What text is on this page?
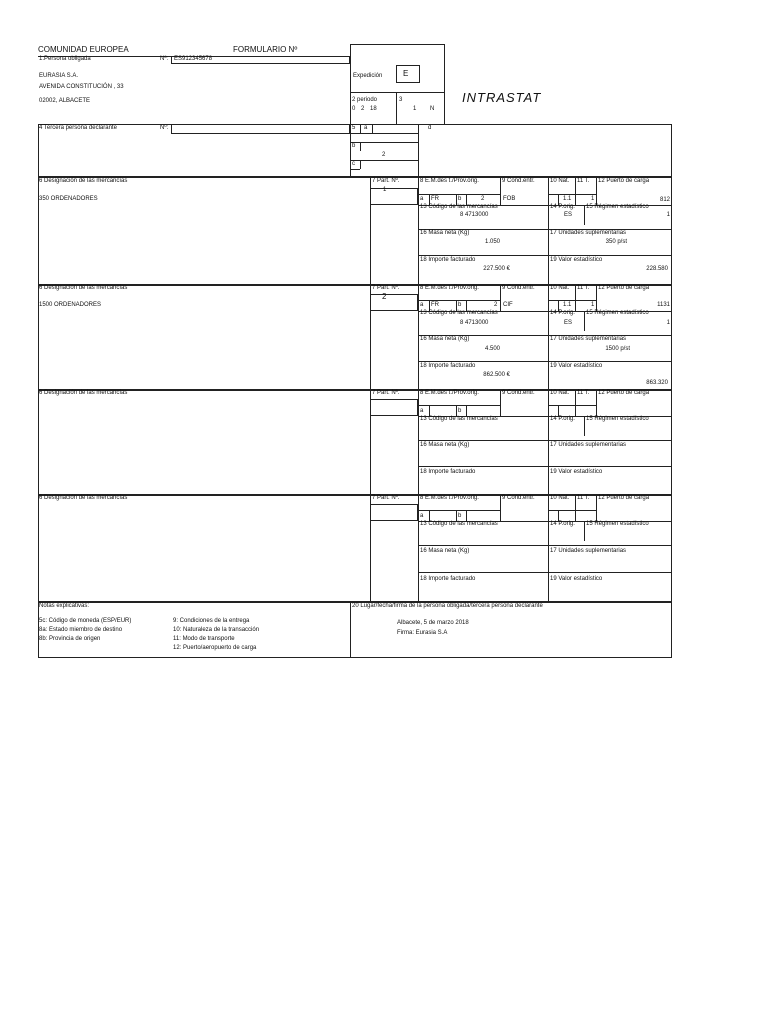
COMUNIDAD EUROPEA	FORMULARIO Nº
INTRASTAT
Expedición	E
2 periodo
0 2 18
3
1 N
1.Persona obligada	Nº: ES912345678
EURASIA S.A.
AVENIDA CONSTITUCIÓN , 33
02002, ALBACETE
4 Tercera persona declarante	Nº:	5 a	d
b
2
c
6 Designación de las mercancías
350 ORDENADORES
7 Part. Nº.
1
8 E.M.des t./Prov.orig.
a FR	b	2
9 Cond.entr.
FOB
10 Nat.
1.1
11 T.
1
12 Puerto de carga
812
13 Código de las mercancías
8 4713000
14 P.orig.
ES
15 Régimen estadístico
1
16 Masa neta (Kg)
1.050
17 Unidades suplementarias
350 p/st
18 Importe facturado
227.500 €
19 Valor estadístico
228.580
6 Designación de las mercancías
1500 ORDENADORES
7 Part. Nº.
2
8 E.M.des t./Prov.orig.
a FR	b	2
9 Cond.entr.
CIF
10 Nat.
1.1
11 T.
1
12 Puerto de carga
1131
13 Código de las mercancías
8 4713000
14 P.orig.
ES
15 Régimen estadístico
1
16 Masa neta (Kg)
4.500
17 Unidades suplementarias
1500 p/st
18 Importe facturado
862.500 €
19 Valor estadístico
863.320
6 Designación de las mercancías	7 Part. Nº.	8 E.M.des t./Prov.orig.
a	b
9 Cond.entr.	10 Nat. 11 T. 12 Puerto de carga
13 Código de las mercancías	14 P.orig. 15 Régimen estadístico
16 Masa neta (Kg)	17 Unidades suplementarias
18 Importe facturado	19 Valor estadístico
6 Designación de las mercancías	7 Part. Nº.	8 E.M.des t./Prov.orig.
a	b
9 Cond.entr.	10 Nat. 11 T. 12 Puerto de carga
13 Código de las mercancías	14 P.orig. 15 Régimen estadístico
16 Masa neta (Kg)	17 Unidades suplementarias
18 Importe facturado	19 Valor estadístico
Notas explicativas:
5c: Código de moneda (ESP/EUR)
8a: Estado miembro de destino
8b: Provincia de origen
9: Condiciones de la entrega
10: Naturaleza de la transacción
11: Modo de transporte
12: Puerto/aeropuerto de carga
20 Lugar/fecha/firma de la persona obligada/tercera persona declarante
Albacete, 5 de marzo 2018
Firma: Eurasia S.A
